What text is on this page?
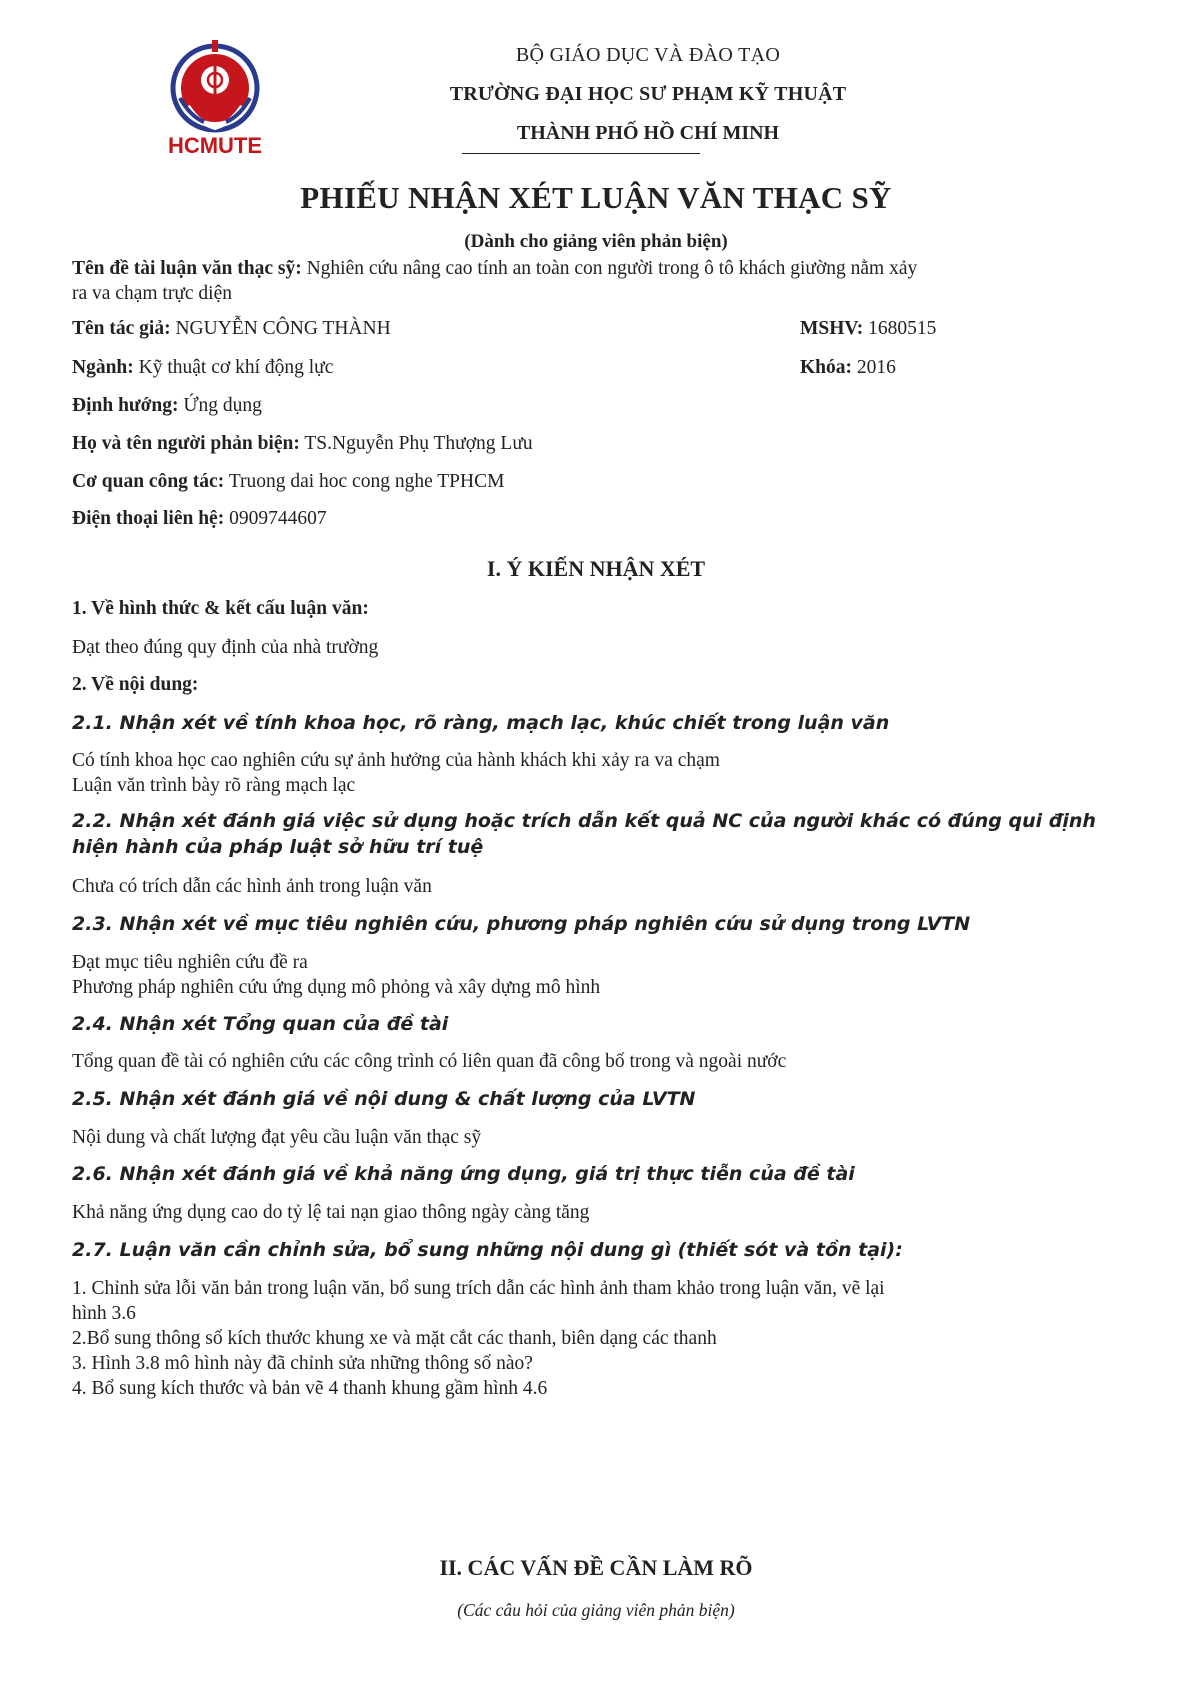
HCMUTE
BỘ GIÁO DỤC VÀ ĐÀO TẠO
TRƯỜNG ĐẠI HỌC SƯ PHẠM KỸ THUẬT
THÀNH PHỐ HỒ CHÍ MINH
PHIẾU NHẬN XÉT LUẬN VĂN THẠC SỸ
(Dành cho giảng viên phản biện)
Tên đề tài luận văn thạc sỹ: Nghiên cứu nâng cao tính an toàn con người trong ô tô khách giường nằm xảy
ra va chạm trực diện
Tên tác giả: NGUYỄN CÔNG THÀNH	MSHV: 1680515
Ngành: Kỹ thuật cơ khí động lực	Khóa: 2016
Định hướng: Ứng dụng
Họ và tên người phản biện: TS.Nguyễn Phụ Thượng Lưu
Cơ quan công tác: Truong dai hoc cong nghe TPHCM
Điện thoại liên hệ: 0909744607
I. Ý KIẾN NHẬN XÉT
1. Về hình thức & kết cấu luận văn:
Đạt theo đúng quy định của nhà trường
2. Về nội dung:
2.1. Nhận xét về tính khoa học, rõ ràng, mạch lạc, khúc chiết trong luận văn
Có tính khoa học cao nghiên cứu sự ảnh hưởng của hành khách khi xảy ra va chạm
Luận văn trình bày rõ ràng mạch lạc
2.2. Nhận xét đánh giá việc sử dụng hoặc trích dẫn kết quả NC của người khác có đúng qui định
hiện hành của pháp luật sở hữu trí tuệ
Chưa có trích dẫn các hình ảnh trong luận văn
2.3. Nhận xét về mục tiêu nghiên cứu, phương pháp nghiên cứu sử dụng trong LVTN
Đạt mục tiêu nghiên cứu đề ra
Phương pháp nghiên cứu ứng dụng mô phỏng và xây dựng mô hình
2.4. Nhận xét Tổng quan của đề tài
Tổng quan đề tài có nghiên cứu các công trình có liên quan đã công bố trong và ngoài nước
2.5. Nhận xét đánh giá về nội dung & chất lượng của LVTN
Nội dung và chất lượng đạt yêu cầu luận văn thạc sỹ
2.6. Nhận xét đánh giá về khả năng ứng dụng, giá trị thực tiễn của đề tài
Khả năng ứng dụng cao do tỷ lệ tai nạn giao thông ngày càng tăng
2.7. Luận văn cần chỉnh sửa, bổ sung những nội dung gì (thiết sót và tồn tại):
1. Chỉnh sửa lỗi văn bản trong luận văn, bổ sung trích dẫn các hình ảnh tham khảo trong luận văn, vẽ lại
hình 3.6
2.Bổ sung thông số kích thước khung xe và mặt cắt các thanh, biên dạng các thanh
3. Hình 3.8 mô hình này đã chỉnh sửa những thông số nào?
4. Bổ sung kích thước và bản vẽ 4 thanh khung gầm hình 4.6
II. CÁC VẤN ĐỀ CẦN LÀM RÕ
(Các câu hỏi của giảng viên phản biện)
